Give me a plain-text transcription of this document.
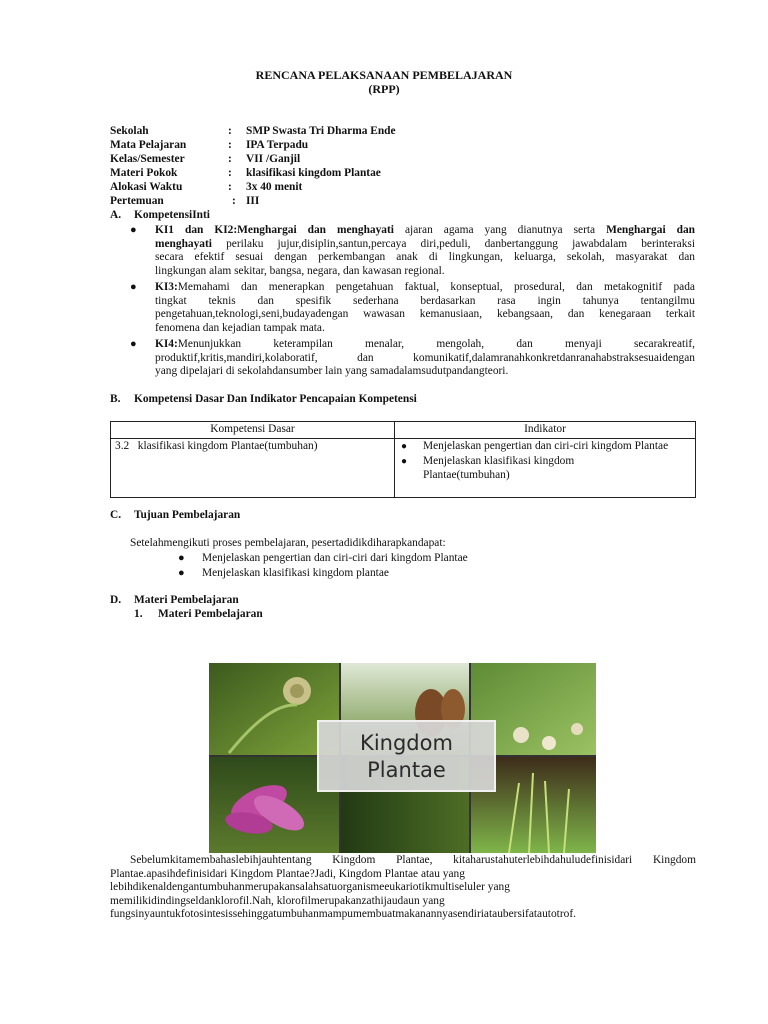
RENCANA PELAKSANAAN PEMBELAJARAN
(RPP)
Sekolah	: SMP Swasta Tri Dharma Ende
Mata Pelajaran	: IPA Terpadu
Kelas/Semester	: VII /Ganjil
Materi Pokok	: klasifikasi kingdom Plantae
Alokasi Waktu	: 3x 40 menit
Pertemuan	: III
A. KompetensiInti
● KI1 dan KI2:Menghargai dan menghayati ajaran agama yang dianutnya serta Menghargai dan
menghayati perilaku jujur,disiplin,santun,percaya diri,peduli, danbertanggung jawabdalam berinteraksi
secara efektif sesuai dengan perkembangan anak di lingkungan, keluarga, sekolah, masyarakat dan
lingkungan alam sekitar, bangsa, negara, dan kawasan regional.
● KI3:Memahami dan menerapkan pengetahuan faktual, konseptual, prosedural, dan metakognitif pada
tingkat teknis dan spesifik sederhana berdasarkan rasa ingin tahunya tentangilmu
pengetahuan,teknologi,seni,budayadengan wawasan kemanusiaan, kebangsaan, dan kenegaraan terkait
fenomena dan kejadian tampak mata.
● KI4:Menunjukkan keterampilan menalar, mengolah, dan menyaji secarakreatif,
produktif,kritis,mandiri,kolaboratif, dan komunikatif,dalamranahkonkretdanranahabstraksesuaidengan
yang dipelajari di sekolahdansumber lain yang samadalamsudutpandangteori.
B. Kompetensi Dasar Dan Indikator Pencapaian Kompetensi
Kompetensi Dasar	Indikator
3.2 klasifikasi kingdom Plantae(tumbuhan)	● Menjelaskan pengertian dan ciri-ciri kingdom Plantae
● Menjelaskan klasifikasi kingdom Plantae(tumbuhan)
C. Tujuan Pembelajaran
Setelahmengikuti proses pembelajaran, pesertadidikdiharapkandapat:
● Menjelaskan pengertian dan ciri-ciri dari kingdom Plantae
● Menjelaskan klasifikasi kingdom plantae
D. Materi Pembelajaran
1. Materi Pembelajaran
Kingdom
Plantae
Sebelumkitamembahaslebihjauhtentang Kingdom Plantae, kitaharustahuterlebihdahuludefinisidari Kingdom
Plantae.apasihdefinisidari Kingdom Plantae?Jadi, Kingdom Plantae atau yang
lebihdikenaldengantumbuhanmerupakansalahsatuorganismeeukariotikmultiseluler yang
memilikidindingseldanklorofil.Nah, klorofilmerupakanzathijaudaun yang
fungsinyauntukfotosintesissehinggatumbuhanmampumembuatmakanannyasendiriataubersifatautotrof.
